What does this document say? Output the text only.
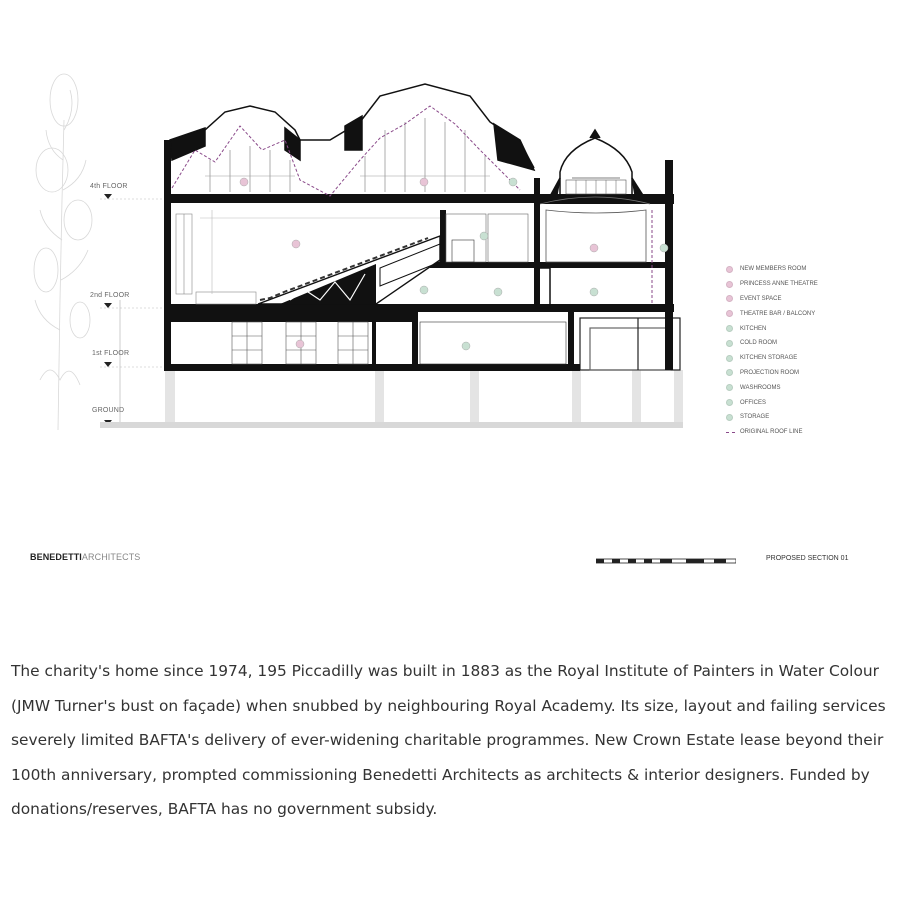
4th FLOOR
2nd FLOOR
1st FLOOR
GROUND
NEW MEMBERS ROOM
PRINCESS ANNE THEATRE
EVENT SPACE
THEATRE BAR / BALCONY
KITCHEN
COLD ROOM
KITCHEN STORAGE
PROJECTION ROOM
WASHROOMS
OFFICES
STORAGE
ORIGINAL ROOF LINE
BENEDETTIARCHITECTS	PROPOSED SECTION 01

The charity's home since 1974, 195 Piccadilly was built in 1883 as the Royal Institute of Painters in Water Colour (JMW Turner's bust on façade) when snubbed by neighbouring Royal Academy. Its size, layout and failing services severely limited BAFTA's delivery of ever-widening charitable programmes. New Crown Estate lease beyond their 100th anniversary, prompted commissioning Benedetti Architects as architects & interior designers. Funded by donations/reserves, BAFTA has no government subsidy.
